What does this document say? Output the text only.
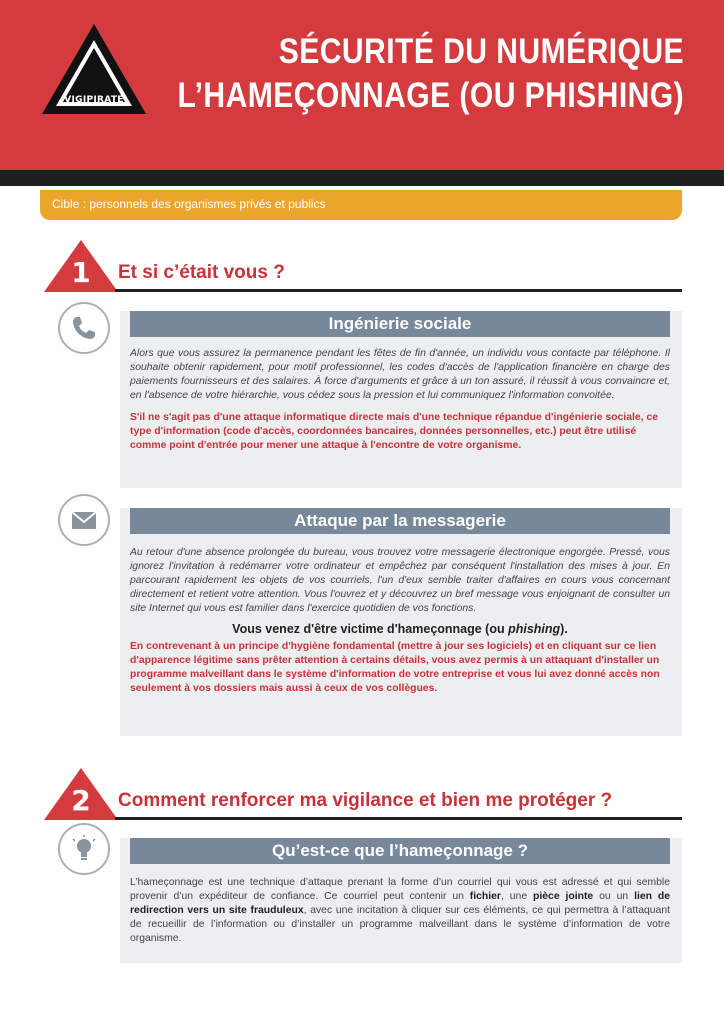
VIGIPIRATE
SÉCURITÉ DU NUMÉRIQUE
L’HAMEÇONNAGE (OU PHISHING)
Cible : personnels des organismes privés et publics
1	Et si c’était vous ?
Ingénierie sociale

Alors que vous assurez la permanence pendant les fêtes de fin d'année, un individu vous contacte par téléphone. Il souhaite obtenir rapidement, pour motif professionnel, les codes d'accès de l'application financière en charge des paiements fournisseurs et des salaires. À force d'arguments et grâce à un ton assuré, il réussit à vous convaincre et, en l'absence de votre hiérarchie, vous cédez sous la pression et lui communiquez l'information convoitée.

S'il ne s'agit pas d'une attaque informatique directe mais d'une technique répandue d'ingénierie sociale, ce type d'information (code d'accès, coordonnées bancaires, données personnelles, etc.) peut être utilisé comme point d'entrée pour mener une attaque à l'encontre de votre organisme.

Attaque par la messagerie

Au retour d'une absence prolongée du bureau, vous trouvez votre messagerie électronique engorgée. Pressé, vous ignorez l'invitation à redémarrer votre ordinateur et empêchez par conséquent l'installation des mises à jour. En parcourant rapidement les objets de vos courriels, l'un d'eux semble traiter d'affaires en cours vous concernant directement et retient votre attention. Vous l'ouvrez et y découvrez un bref message vous enjoignant de consulter un site Internet qui vous est familier dans l'exercice quotidien de vos fonctions.

Vous venez d'être victime d'hameçonnage (ou phishing).

En contrevenant à un principe d'hygiène fondamental (mettre à jour ses logiciels) et en cliquant sur ce lien d'apparence légitime sans prêter attention à certains détails, vous avez permis à un attaquant d'installer un programme malveillant dans le système d'information de votre entreprise et vous lui avez donné accès non seulement à vos dossiers mais aussi à ceux de vos collègues.

2	Comment renforcer ma vigilance et bien me protéger ?
Qu’est-ce que l’hameçonnage ?

L’hameçonnage est une technique d’attaque prenant la forme d’un courriel qui vous est adressé et qui semble provenir d’un expéditeur de confiance. Ce courriel peut contenir un fichier, une pièce jointe ou un lien de redirection vers un site frauduleux, avec une incitation à cliquer sur ces éléments, ce qui permettra à l’attaquant de recueillir de l’information ou d’installer un programme malveillant dans le système d’information de votre organisme.
